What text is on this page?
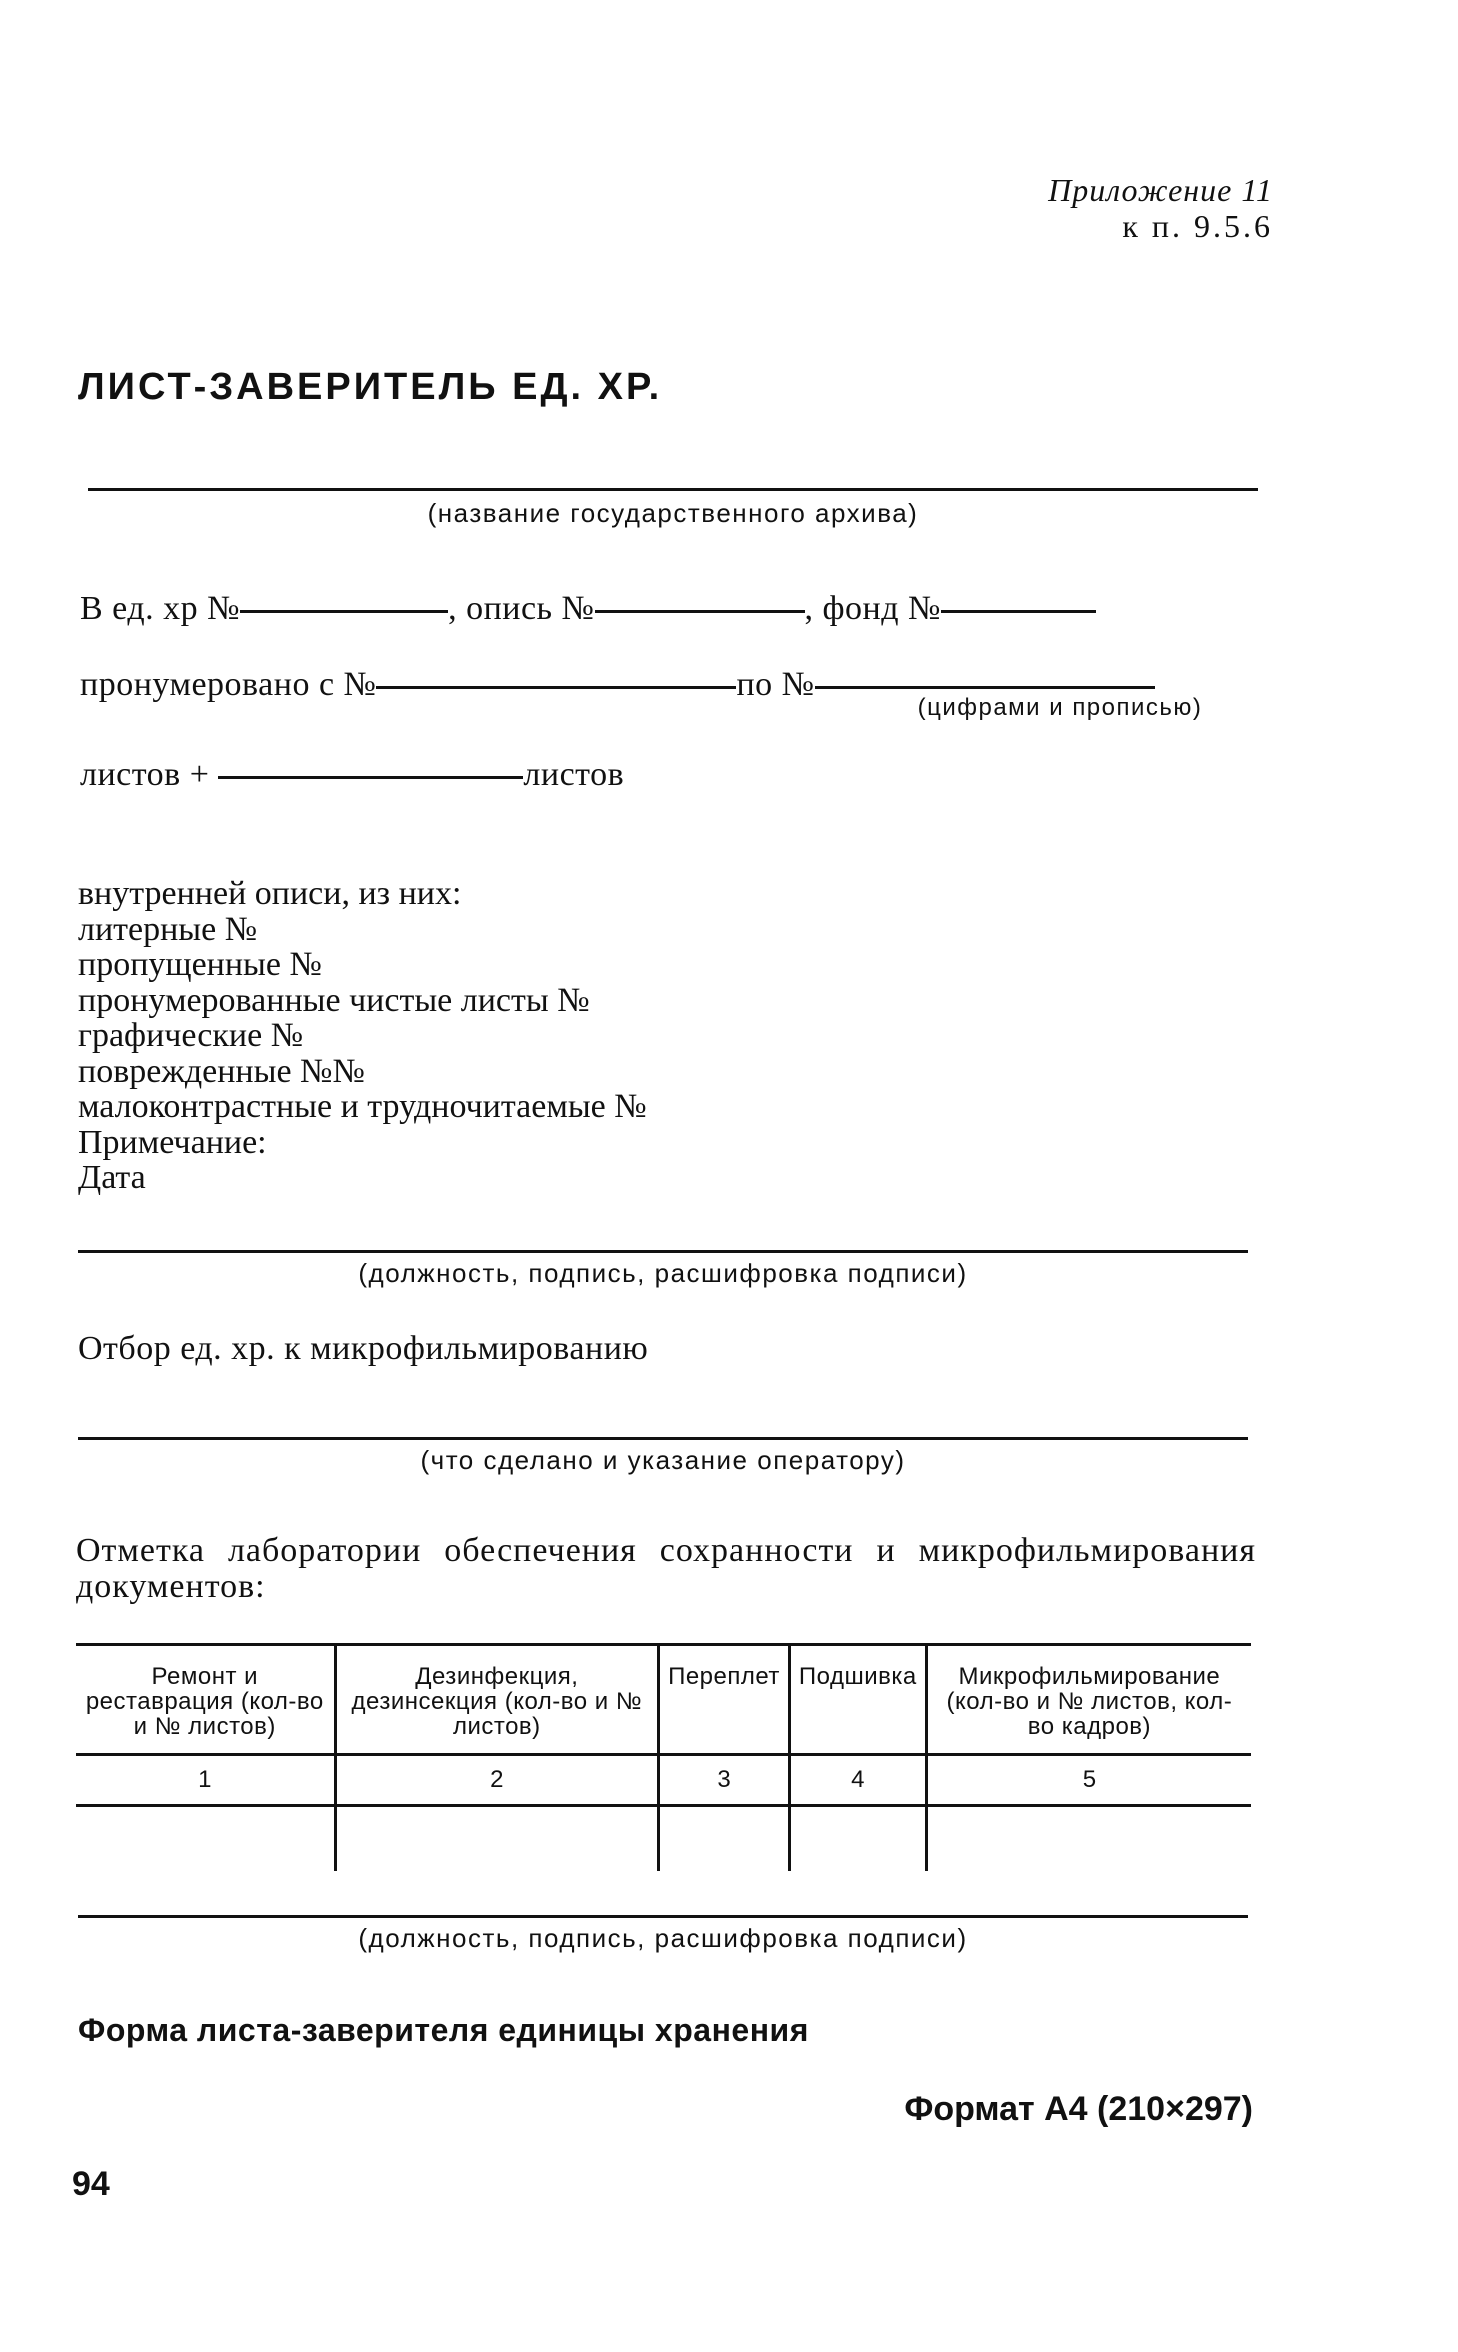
Приложение 11
к п. 9.5.6
ЛИСТ-ЗАВЕРИТЕЛЬ ЕД. ХР.
(название государственного архива)
В ед. хр №	, опись №	, фонд №
пронумеровано с №	по №
(цифрами и прописью)
листов +	листов
внутренней описи, из них:
литерные №
пропущенные №
пронумерованные чистые листы №
графические №
поврежденные №№
малоконтрастные и трудночитаемые №
Примечание:
Дата
(должность, подпись, расшифровка подписи)
Отбор ед. хр. к микрофильмированию
(что сделано и указание оператору)
Отметка лаборатории обеспечения сохранности и микрофильмирования документов:
Ремонт и реставрация (кол-во и № листов)	Дезинфекция, дезинсекция (кол-во и № листов)	Переплет	Подшивка	Микрофильмирование (кол-во и № листов, кол-во кадров)
1	2	3	4	5

(должность, подпись, расшифровка подписи)
Форма листа-заверителя единицы хранения
Формат А4 (210×297)
94
